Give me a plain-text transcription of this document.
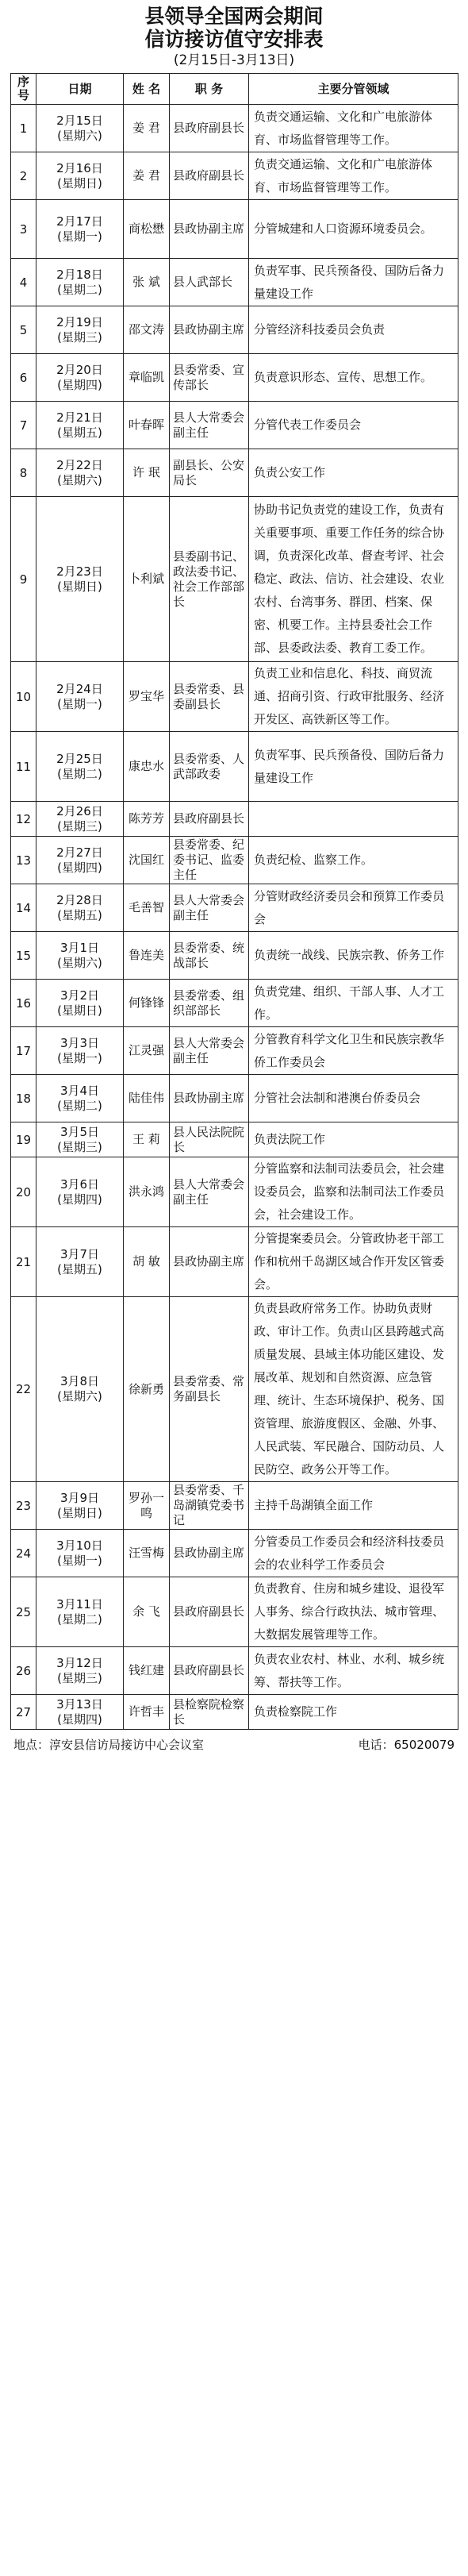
县领导全国两会期间
信访接访值守安排表
(2月15日-3月13日)
序号	日期	姓 名	职 务	主要分管领域
1	2月15日
(星期六)	姜 君	县政府副县长	负责交通运输、文化和广电旅游体育、市场监督管理等工作。
2	2月16日
(星期日)	姜 君	县政府副县长	负责交通运输、文化和广电旅游体育、市场监督管理等工作。
3	2月17日
(星期一)	商松懋	县政协副主席	分管城建和人口资源环境委员会。
4	2月18日
(星期二)	张 斌	县人武部长	负责军事、民兵预备役、国防后备力量建设工作
5	2月19日
(星期三)	邵文涛	县政协副主席	分管经济科技委员会负责
6	2月20日
(星期四)	章临凯	县委常委、宣传部长	负责意识形态、宣传、思想工作。
7	2月21日
(星期五)	叶春晖	县人大常委会副主任	分管代表工作委员会
8	2月22日
(星期六)	许 珉	副县长、公安局长	负责公安工作
9	2月23日
(星期日)	卜利斌	县委副书记、政法委书记、社会工作部部长	协助书记负责党的建设工作，负责有关重要事项、重要工作任务的综合协调，负责深化改革、督查考评、社会稳定、政法、信访、社会建设、农业农村、台湾事务、群团、档案、保密、机要工作。主持县委社会工作部、县委政法委、教育工委工作。
10	2月24日
(星期一)	罗宝华	县委常委、县委副县长	负责工业和信息化、科技、商贸流通、招商引资、行政审批服务、经济开发区、高铁新区等工作。
11	2月25日
(星期二)	康忠水	县委常委、人武部政委	负责军事、民兵预备役、国防后备力量建设工作
12	2月26日
(星期三)	陈芳芳	县政府副县长	
13	2月27日
(星期四)	沈国红	县委常委、纪委书记、监委主任	负责纪检、监察工作。
14	2月28日
(星期五)	毛善智	县人大常委会副主任	分管财政经济委员会和预算工作委员会
15	3月1日
(星期六)	鲁连美	县委常委、统战部长	负责统一战线、民族宗教、侨务工作
16	3月2日
(星期日)	何锋锋	县委常委、组织部部长	负责党建、组织、干部人事、人才工作。
17	3月3日
(星期一)	江灵强	县人大常委会副主任	分管教育科学文化卫生和民族宗教华侨工作委员会
18	3月4日
(星期二)	陆佳伟	县政协副主席	分管社会法制和港澳台侨委员会
19	3月5日
(星期三)	王 莉	县人民法院院长	负责法院工作
20	3月6日
(星期四)	洪永鸿	县人大常委会副主任	分管监察和法制司法委员会，社会建设委员会，监察和法制司法工作委员会，社会建设工作。
21	3月7日
(星期五)	胡 敏	县政协副主席	分管提案委员会。分管政协老干部工作和杭州千岛湖区域合作开发区管委会。
22	3月8日
(星期六)	徐新勇	县委常委、常务副县长	负责县政府常务工作。协助负责财政、审计工作。负责山区县跨越式高质量发展、县域主体功能区建设、发展改革、规划和自然资源、应急管理、统计、生态环境保护、税务、国资管理、旅游度假区、金融、外事、人民武装、军民融合、国防动员、人民防空、政务公开等工作。
23	3月9日
(星期日)	罗孙一鸣	县委常委、千岛湖镇党委书记	主持千岛湖镇全面工作
24	3月10日
(星期一)	汪雪梅	县政协副主席	分管委员工作委员会和经济科技委员会的农业科学工作委员会
25	3月11日
(星期二)	余 飞	县政府副县长	负责教育、住房和城乡建设、退役军人事务、综合行政执法、城市管理、大数据发展管理等工作。
26	3月12日
(星期三)	钱红建	县政府副县长	负责农业农村、林业、水利、城乡统筹、帮扶等工作。
27	3月13日
(星期四)	许哲丰	县检察院检察长	负责检察院工作
地点：淳安县信访局接访中心会议室	电话：65020079
